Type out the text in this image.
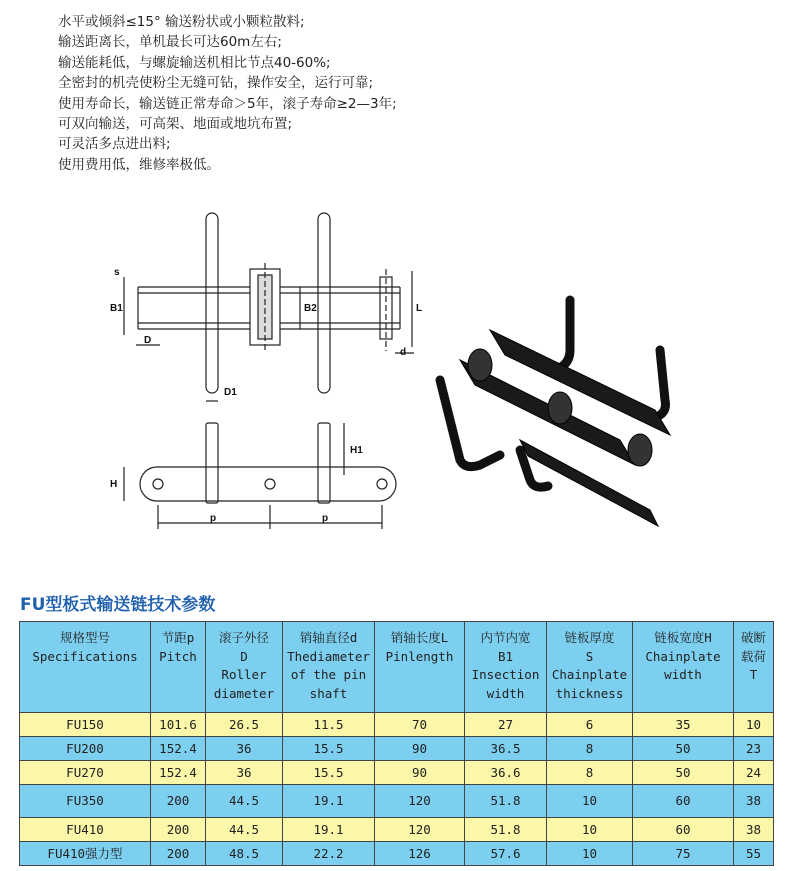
水平或倾斜≤15° 输送粉状或小颗粒散料;
输送距离长，单机最长可达60m左右;
输送能耗低，与螺旋输送机相比节点40-60%;
全密封的机壳使粉尘无缝可钻，操作安全，运行可靠;
使用寿命长，输送链正常寿命＞5年，滚子寿命≥2—3年;
可双向输送，可高架、地面或地坑布置;
可灵活多点进出料;
使用费用低，维修率极低。
s
B1	B2	L
D
d
D1
H1
H
p	p
FU型板式输送链技术参数
规格型号
Specifications	节距p
Pitch	滚子外径
D
Roller
diameter	销轴直径d
Thediameter
of the pin
shaft	销轴长度L
Pinlength	内节内宽
B1
Insection
width	链板厚度
S
Chainplate
thickness	链板宽度H
Chainplate
width	破断
载荷
T

FU150	101.6	26.5	11.5	70	27	6	35	10
FU200	152.4	36	15.5	90	36.5	8	50	23
FU270	152.4	36	15.5	90	36.6	8	50	24
FU350	200	44.5	19.1	120	51.8	10	60	38
FU410	200	44.5	19.1	120	51.8	10	60	38
FU410强力型	200	48.5	22.2	126	57.6	10	75	55
